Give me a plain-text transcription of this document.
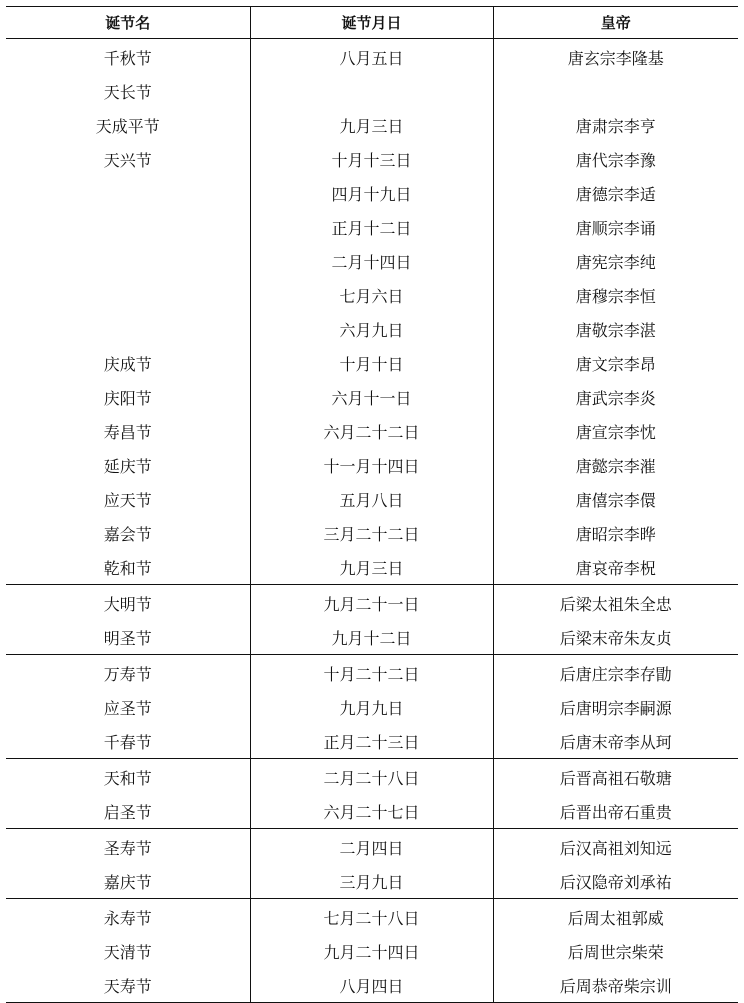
诞节名	诞节月日	皇帝
千秋节	八月五日	唐玄宗李隆基
天长节		
天成平节	九月三日	唐肃宗李亨
天兴节	十月十三日	唐代宗李豫
	四月十九日	唐德宗李适
	正月十二日	唐顺宗李诵
	二月十四日	唐宪宗李纯
	七月六日	唐穆宗李恒
	六月九日	唐敬宗李湛
庆成节	十月十日	唐文宗李昂
庆阳节	六月十一日	唐武宗李炎
寿昌节	六月二十二日	唐宣宗李忱
延庆节	十一月十四日	唐懿宗李漼
应天节	五月八日	唐僖宗李儇
嘉会节	三月二十二日	唐昭宗李晔
乾和节	九月三日	唐哀帝李柷
大明节	九月二十一日	后梁太祖朱全忠
明圣节	九月十二日	后梁末帝朱友贞
万寿节	十月二十二日	后唐庄宗李存勖
应圣节	九月九日	后唐明宗李嗣源
千春节	正月二十三日	后唐末帝李从珂
天和节	二月二十八日	后晋高祖石敬瑭
启圣节	六月二十七日	后晋出帝石重贵
圣寿节	二月四日	后汉高祖刘知远
嘉庆节	三月九日	后汉隐帝刘承祐
永寿节	七月二十八日	后周太祖郭威
天清节	九月二十四日	后周世宗柴荣
天寿节	八月四日	后周恭帝柴宗训
